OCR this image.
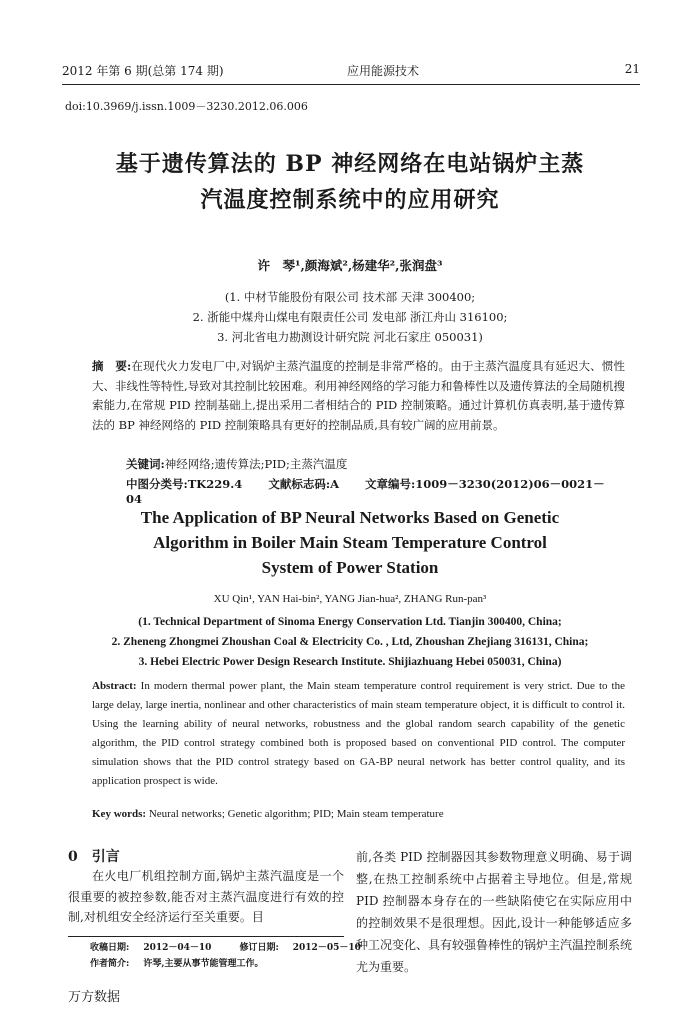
2012 年第 6 期(总第 174 期)	应用能源技术	21
doi:10.3969/j.issn.1009－3230.2012.06.006
基于遗传算法的 BP 神经网络在电站锅炉主蒸
汽温度控制系统中的应用研究
许　琴¹,颜海斌²,杨建华²,张润盘³
(1. 中材节能股份有限公司 技术部 天津 300400;
2. 浙能中煤舟山煤电有限责任公司 发电部 浙江舟山 316100;
3. 河北省电力勘测设计研究院 河北石家庄 050031)
摘　要:在现代火力发电厂中,对锅炉主蒸汽温度的控制是非常严格的。由于主蒸汽温度具有延迟大、惯性大、非线性等特性,导致对其控制比较困难。利用神经网络的学习能力和鲁棒性以及遗传算法的全局随机搜索能力,在常规 PID 控制基础上,提出采用二者相结合的 PID 控制策略。通过计算机仿真表明,基于遗传算法的 BP 神经网络的 PID 控制策略具有更好的控制品质,具有较广阔的应用前景。
关键词:神经网络;遗传算法;PID;主蒸汽温度
中图分类号:TK229.4 文献标志码:A 文章编号:1009－3230(2012)06－0021－04
The Application of BP Neural Networks Based on Genetic
Algorithm in Boiler Main Steam Temperature Control
System of Power Station
XU Qin¹, YAN Hai-bin², YANG Jian-hua², ZHANG Run-pan³
(1. Technical Department of Sinoma Energy Conservation Ltd. Tianjin 300400, China;
2. Zheneng Zhongmei Zhoushan Coal & Electricity Co. , Ltd, Zhoushan Zhejiang 316131, China;
3. Hebei Electric Power Design Research Institute. Shijiazhuang Hebei 050031, China)
Abstract: In modern thermal power plant, the Main steam temperature control requirement is very strict. Due to the large delay, large inertia, nonlinear and other characteristics of main steam temperature object, it is difficult to control it. Using the learning ability of neural networks, robustness and the global random search capability of the genetic algorithm, the PID control strategy combined both is proposed based on conventional PID control. The computer simulation shows that the PID control strategy based on GA-BP neural network has better control quality, and its application prospect is wide.
Key words: Neural networks; Genetic algorithm; PID; Main steam temperature
0 引言

在火电厂机组控制方面,锅炉主蒸汽温度是一个很重要的被控参数,能否对主蒸汽温度进行有效的控制,对机组安全经济运行至关重要。目

前,各类 PID 控制器因其参数物理意义明确、易于调整,在热工控制系统中占据着主导地位。但是,常规 PID 控制器本身存在的一些缺陷使它在实际应用中的控制效果不是很理想。因此,设计一种能够适应多种工况变化、具有较强鲁棒性的锅炉主汽温控制系统尤为重要。

收稿日期: 2012－04－10	修订日期: 2012－05－10
作者简介: 许琴,主要从事节能管理工作。
万方数据
